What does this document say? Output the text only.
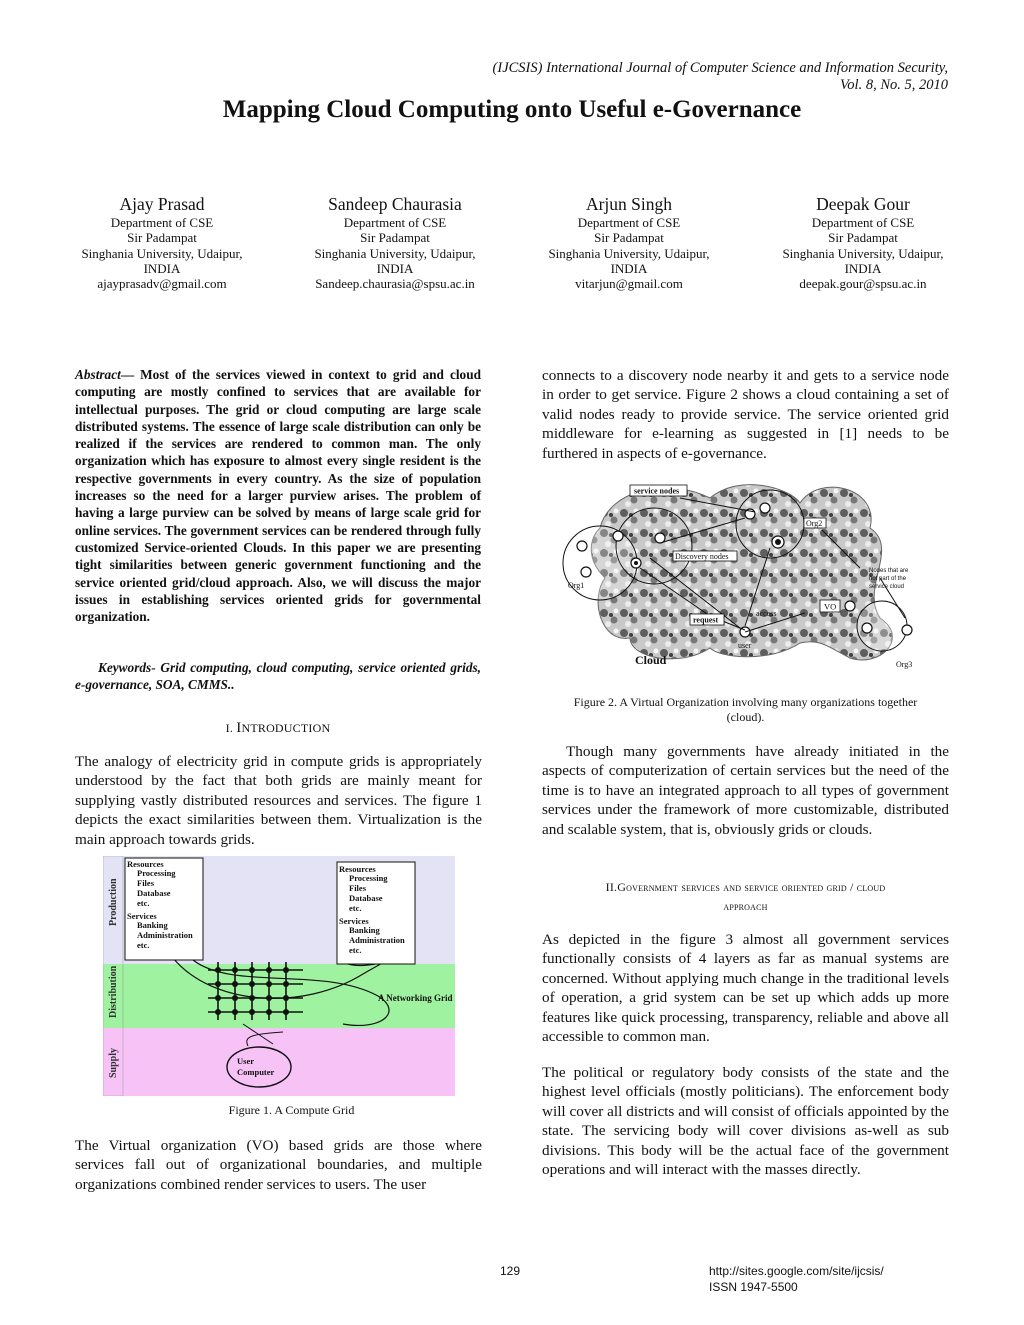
(IJCSIS) International Journal of Computer Science and Information Security,
Vol. 8, No. 5, 2010
Mapping Cloud Computing onto Useful e-Governance
Ajay Prasad
Department of CSE
Sir Padampat
Singhania University, Udaipur,
INDIA
ajayprasadv@gmail.com
Sandeep Chaurasia
Department of CSE
Sir Padampat
Singhania University, Udaipur,
INDIA
Sandeep.chaurasia@spsu.ac.in
Arjun Singh
Department of CSE
Sir Padampat
Singhania University, Udaipur,
INDIA
vitarjun@gmail.com
Deepak Gour
Department of CSE
Sir Padampat
Singhania University, Udaipur,
INDIA
deepak.gour@spsu.ac.in
Abstract— Most of the services viewed in context to grid and cloud computing are mostly confined to services that are available for intellectual purposes. The grid or cloud computing are large scale distributed systems. The essence of large scale distribution can only be realized if the services are rendered to common man. The only organization which has exposure to almost every single resident is the respective governments in every country. As the size of population increases so the need for a larger purview arises. The problem of having a large purview can be solved by means of large scale grid for online services. The government services can be rendered through fully customized Service-oriented Clouds. In this paper we are presenting tight similarities between generic government functioning and the service oriented grid/cloud approach. Also, we will discuss the major issues in establishing services oriented grids for governmental organization.
Keywords- Grid computing, cloud computing, service oriented grids, e-governance, SOA, CMMS..
I. INTRODUCTION
The analogy of electricity grid in compute grids is appropriately understood by the fact that both grids are mainly meant for supplying vastly distributed resources and services. The figure 1 depicts the exact similarities between them. Virtualization is the main approach towards grids.
Production
Distribution
Supply
Resources
Processing
Files
Database
etc.
Services
Banking
Administration
etc.
Resources
Processing
Files
Database
etc.
Services
Banking
Administration
etc.
A Networking Grid
User
Computer
Figure 1. A Compute Grid
The Virtual organization (VO) based grids are those where services fall out of organizational boundaries, and multiple organizations combined render services to users. The user
connects to a discovery node nearby it and gets to a service node in order to get service. Figure 2 shows a cloud containing a set of valid nodes ready to provide service. The service oriented grid middleware for e-learning as suggested in [1] needs to be furthered in aspects of e-governance.
service nodes
Discovery nodes
Org1
Org2
Org3
Nodes that are
not part of the
service cloud
VO
access
request
user
Cloud
Figure 2. A Virtual Organization involving many organizations together
(cloud).
Though many governments have already initiated in the aspects of computerization of certain services but the need of the time is to have an integrated approach to all types of government services under the framework of more customizable, distributed and scalable system, that is, obviously grids or clouds.
II.Government services and service oriented grid / cloud
approach
As depicted in the figure 3 almost all government services functionally consists of 4 layers as far as manual systems are concerned. Without applying much change in the traditional levels of operation, a grid system can be set up which adds up more features like quick processing, transparency, reliable and above all accessible to common man.
The political or regulatory body consists of the state and the highest level officials (mostly politicians). The enforcement body will cover all districts and will consist of officials appointed by the state. The servicing body will cover divisions as-well as sub divisions. This body will be the actual face of the government operations and will interact with the masses directly.
129	http://sites.google.com/site/ijcsis/
ISSN 1947-5500
